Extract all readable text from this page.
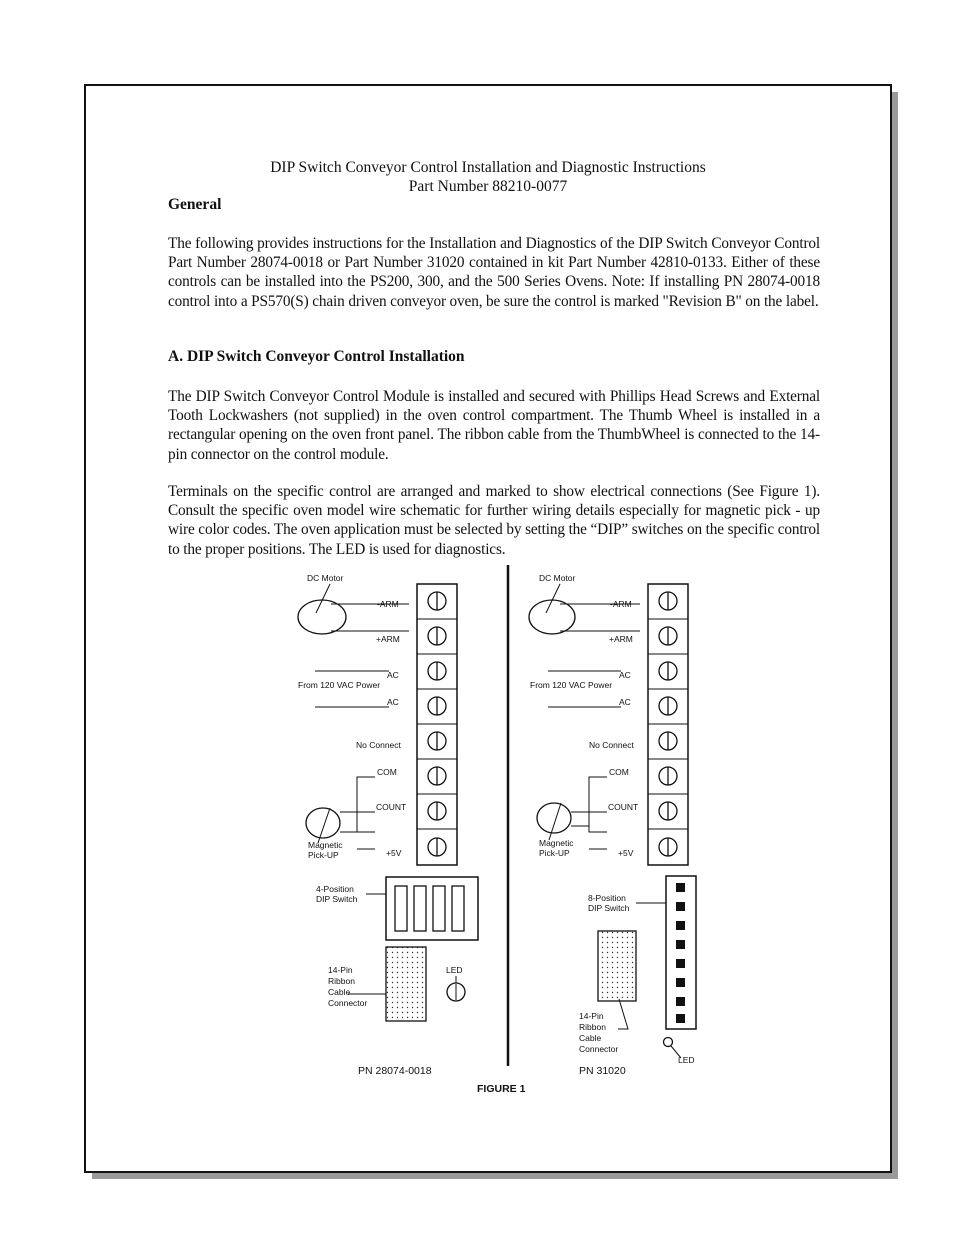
DIP Switch Conveyor Control Installation and Diagnostic Instructions
Part Number 88210-0077
General
The following provides instructions for the Installation and Diagnostics of the DIP Switch Conveyor Control Part Number 28074-0018 or Part Number 31020 contained in kit Part Number 42810-0133. Either of these controls can be installed into the PS200, 300, and the 500 Series Ovens. Note: If installing PN 28074-0018 control into a PS570(S) chain driven conveyor oven, be sure the control is marked "Revision B" on the label.
A. DIP Switch Conveyor Control Installation
The DIP Switch Conveyor Control Module is installed and secured with Phillips Head Screws and External Tooth Lockwashers (not supplied) in the oven control compartment. The Thumb Wheel is installed in a rectangular opening on the oven front panel. The ribbon cable from the ThumbWheel is connected to the 14-pin connector on the control module.
Terminals on the specific control are arranged and marked to show electrical connections (See Figure 1). Consult the specific oven model wire schematic for further wiring details especially for magnetic pick - up wire color codes. The oven application must be selected by setting the “DIP” switches on the specific control to the proper positions. The LED is used for diagnostics.
DC Motor
-ARM
+ARM
AC
From 120 VAC Power
AC
No Connect
COM
COUNT
+5V
Magnetic
Pick-UP
4-Position
DIP Switch
14-Pin
Ribbon
Cable
Connector
LED
PN 28074-0018
DC Motor
-ARM
+ARM
AC
From 120 VAC Power
AC
No Connect
COM
COUNT
+5V
Magnetic
Pick-UP
8-Position
DIP Switch
14-Pin
Ribbon
Cable
Connector
LED
PN 31020
FIGURE 1
